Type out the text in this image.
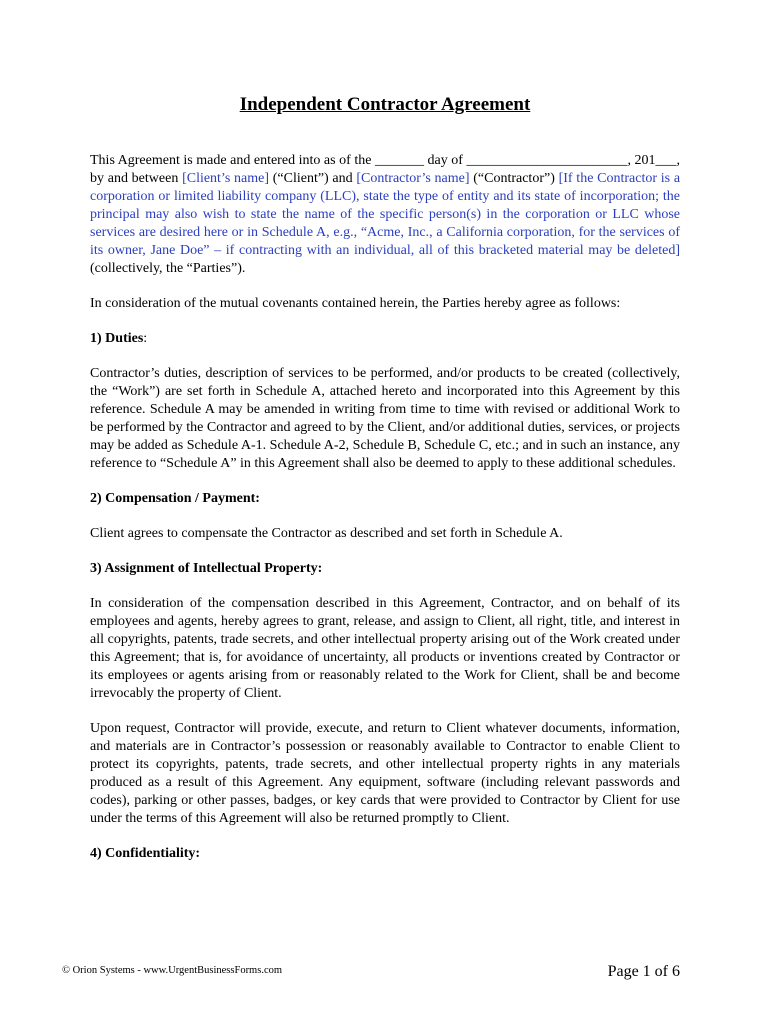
Independent Contractor Agreement

This Agreement is made and entered into as of the _______ day of _______________________, 201___, by and between [Client’s name] (“Client”) and [Contractor’s name] (“Contractor”) [If the Contractor is a corporation or limited liability company (LLC), state the type of entity and its state of incorporation; the principal may also wish to state the name of the specific person(s) in the corporation or LLC whose services are desired here or in Schedule A, e.g., “Acme, Inc., a California corporation, for the services of its owner, Jane Doe” – if contracting with an individual, all of this bracketed material may be deleted] (collectively, the “Parties”).

In consideration of the mutual covenants contained herein, the Parties hereby agree as follows:

1) Duties:

Contractor’s duties, description of services to be performed, and/or products to be created (collectively, the “Work”) are set forth in Schedule A, attached hereto and incorporated into this Agreement by this reference. Schedule A may be amended in writing from time to time with revised or additional Work to be performed by the Contractor and agreed to by the Client, and/or additional duties, services, or projects may be added as Schedule A-1. Schedule A-2, Schedule B, Schedule C, etc.; and in such an instance, any reference to “Schedule A” in this Agreement shall also be deemed to apply to these additional schedules.

2) Compensation / Payment:

Client agrees to compensate the Contractor as described and set forth in Schedule A.

3) Assignment of Intellectual Property:

In consideration of the compensation described in this Agreement, Contractor, and on behalf of its employees and agents, hereby agrees to grant, release, and assign to Client, all right, title, and interest in all copyrights, patents, trade secrets, and other intellectual property arising out of the Work created under this Agreement; that is, for avoidance of uncertainty, all products or inventions created by Contractor or its employees or agents arising from or reasonably related to the Work for Client, shall be and become irrevocably the property of Client.

Upon request, Contractor will provide, execute, and return to Client whatever documents, information, and materials are in Contractor’s possession or reasonably available to Contractor to enable Client to protect its copyrights, patents, trade secrets, and other intellectual property rights in any materials produced as a result of this Agreement. Any equipment, software (including relevant passwords and codes), parking or other passes, badges, or key cards that were provided to Contractor by Client for use under the terms of this Agreement will also be returned promptly to Client.

4) Confidentiality:
© Orion Systems - www.UrgentBusinessForms.com	Page 1 of 6
